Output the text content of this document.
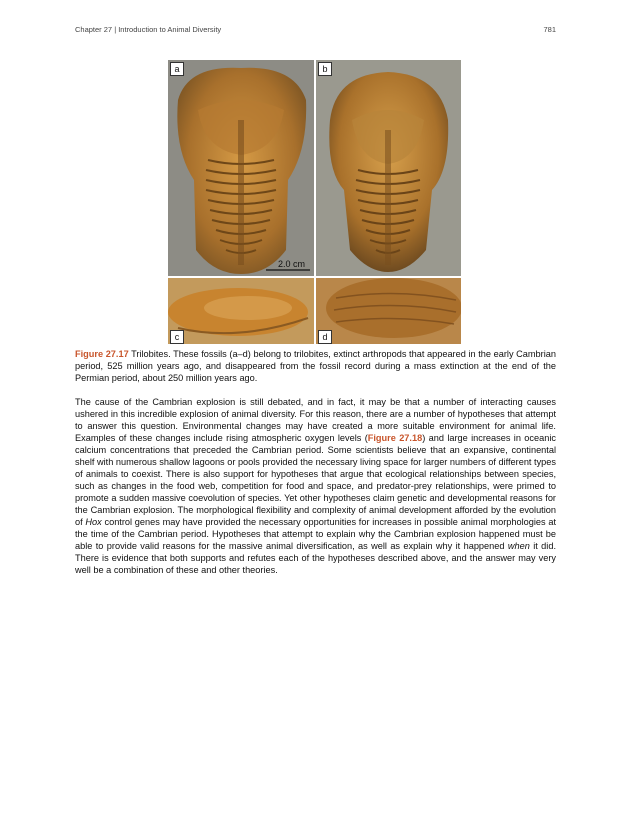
Chapter 27 | Introduction to Animal Diversity	781
a
2.0 cm
b
c	d
Figure 27.17 Trilobites. These fossils (a–d) belong to trilobites, extinct arthropods that appeared in the early Cambrian period, 525 million years ago, and disappeared from the fossil record during a mass extinction at the end of the Permian period, about 250 million years ago.

The cause of the Cambrian explosion is still debated, and in fact, it may be that a number of interacting causes ushered in this incredible explosion of animal diversity. For this reason, there are a number of hypotheses that attempt to answer this question. Environmental changes may have created a more suitable environment for animal life. Examples of these changes include rising atmospheric oxygen levels (Figure 27.18) and large increases in oceanic calcium concentrations that preceded the Cambrian period. Some scientists believe that an expansive, continental shelf with numerous shallow lagoons or pools provided the necessary living space for larger numbers of different types of animals to coexist. There is also support for hypotheses that argue that ecological relationships between species, such as changes in the food web, competition for food and space, and predator-prey relationships, were primed to promote a sudden massive coevolution of species. Yet other hypotheses claim genetic and developmental reasons for the Cambrian explosion. The morphological flexibility and complexity of animal development afforded by the evolution of Hox control genes may have provided the necessary opportunities for increases in possible animal morphologies at the time of the Cambrian period. Hypotheses that attempt to explain why the Cambrian explosion happened must be able to provide valid reasons for the massive animal diversification, as well as explain why it happened when it did. There is evidence that both supports and refutes each of the hypotheses described above, and the answer may very well be a combination of these and other theories.
